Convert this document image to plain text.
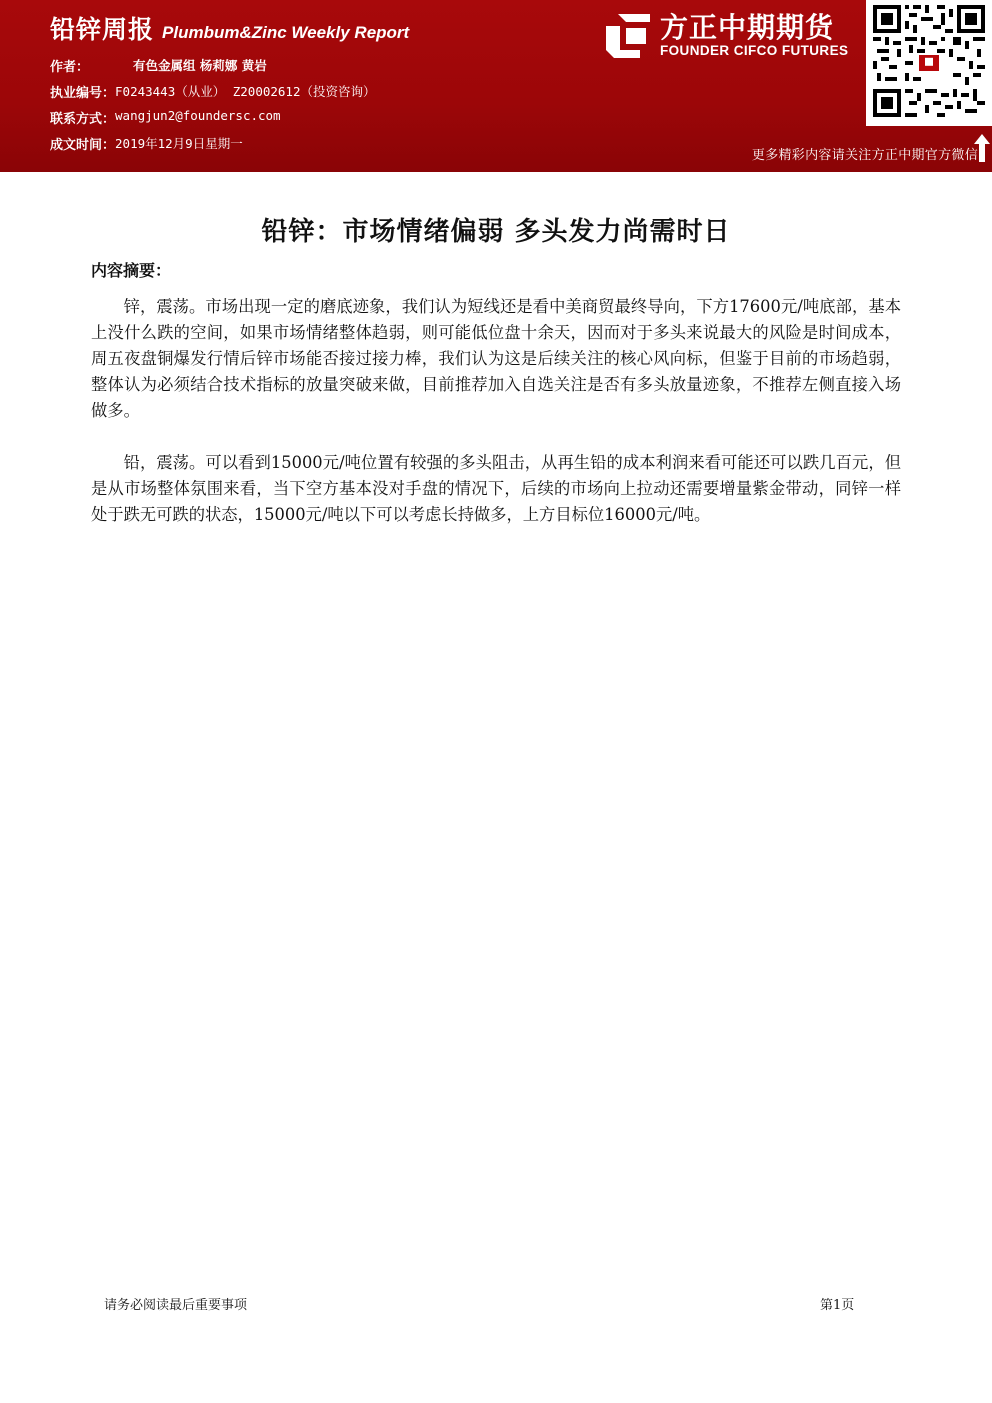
铅锌周报 Plumbum&Zinc Weekly Report
作者：	有色金属组 杨莉娜 黄岩
执业编号： F0243443（从业） Z20002612（投资咨询）
联系方式： wangjun2@foundersc.com
成文时间： 2019年12月9日星期一
方正中期期货
FOUNDER CIFCO FUTURES
更多精彩内容请关注方正中期官方微信
铅锌：市场情绪偏弱 多头发力尚需时日
内容摘要：

锌，震荡。市场出现一定的磨底迹象，我们认为短线还是看中美商贸最终导向，下方17600元/吨底部，基本上没什么跌的空间，如果市场情绪整体趋弱，则可能低位盘十余天，因而对于多头来说最大的风险是时间成本，周五夜盘铜爆发行情后锌市场能否接过接力棒，我们认为这是后续关注的核心风向标，但鉴于目前的市场趋弱，整体认为必须结合技术指标的放量突破来做，目前推荐加入自选关注是否有多头放量迹象，不推荐左侧直接入场做多。

铅，震荡。可以看到15000元/吨位置有较强的多头阻击，从再生铅的成本利润来看可能还可以跌几百元，但是从市场整体氛围来看，当下空方基本没对手盘的情况下，后续的市场向上拉动还需要增量紫金带动，同锌一样处于跌无可跌的状态，15000元/吨以下可以考虑长持做多，上方目标位16000元/吨。

请务必阅读最后重要事项	第1页
